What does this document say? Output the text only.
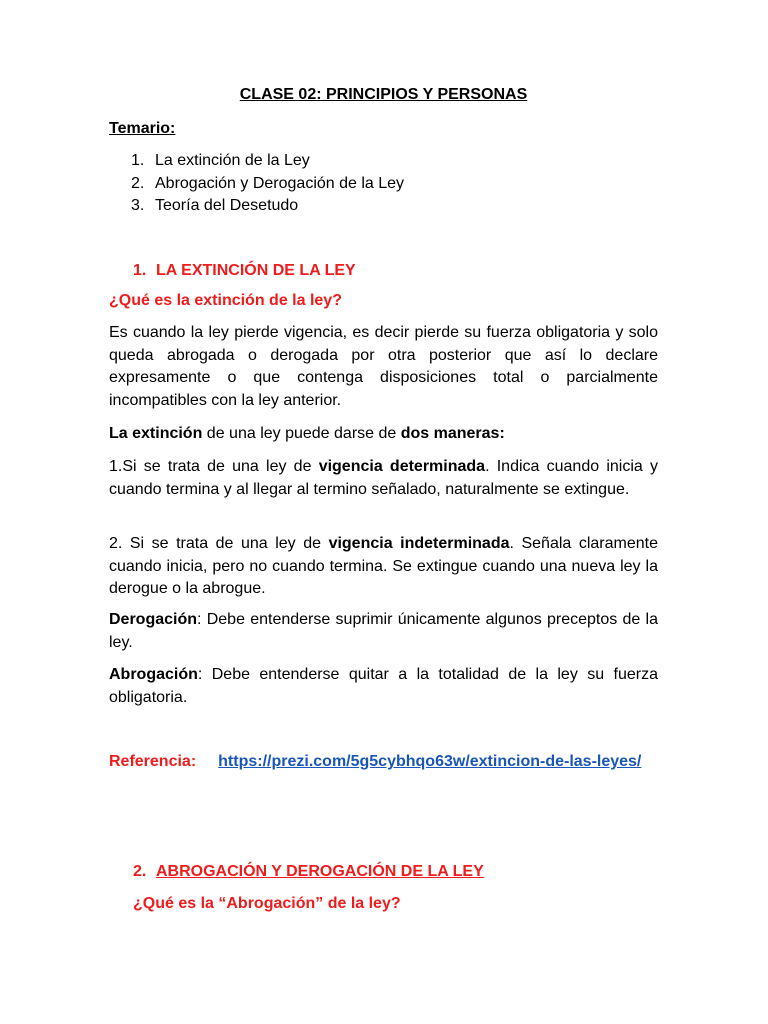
CLASE 02: PRINCIPIOS Y PERSONAS
Temario:
1. La extinción de la Ley
2. Abrogación y Derogación de la Ley
3. Teoría del Desetudo
1. LA EXTINCIÓN DE LA LEY
¿Qué es la extinción de la ley?

Es cuando la ley pierde vigencia, es decir pierde su fuerza obligatoria y solo queda abrogada o derogada por otra posterior que así lo declare expresamente o que contenga disposiciones total o parcialmente incompatibles con la ley anterior.

La extinción de una ley puede darse de dos maneras:

1.Si se trata de una ley de vigencia determinada. Indica cuando inicia y cuando termina y al llegar al termino señalado, naturalmente se extingue.

2. Si se trata de una ley de vigencia indeterminada. Señala claramente cuando inicia, pero no cuando termina. Se extingue cuando una nueva ley la derogue o la abrogue.

Derogación: Debe entenderse suprimir únicamente algunos preceptos de la ley.

Abrogación: Debe entenderse quitar a la totalidad de la ley su fuerza obligatoria.

Referencia: https://prezi.com/5g5cybhqo63w/extincion-de-las-leyes/

2. ABROGACIÓN Y DEROGACIÓN DE LA LEY
¿Qué es la “Abrogación” de la ley?
